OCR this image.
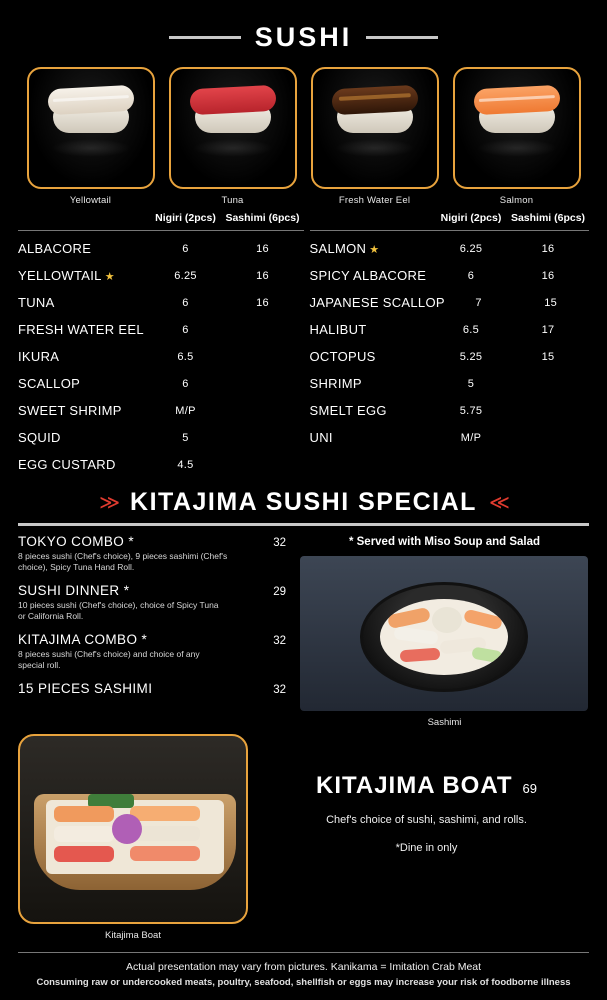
SUSHI
Yellowtail	Tuna	Fresh Water Eel	Salmon
Nigiri (2pcs) Sashimi (6pcs)
ALBACORE	6	16
YELLOWTAIL ★	6.25	16
TUNA	6	16
FRESH WATER EEL	6
IKURA	6.5
SCALLOP	6
SWEET SHRIMP	M/P
SQUID	5
EGG CUSTARD	4.5
Nigiri (2pcs) Sashimi (6pcs)
SALMON ★	6.25	16
SPICY ALBACORE	6	16
JAPANESE SCALLOP	7	15
HALIBUT	6.5	17
OCTOPUS	5.25	15
SHRIMP	5
SMELT EGG	5.75
UNI	M/P
≫ KITAJIMA SUSHI SPECIAL ≪
TOKYO COMBO *	32
8 pieces sushi (Chef's choice), 9 pieces sashimi (Chef's choice), Spicy Tuna Hand Roll.
SUSHI DINNER *	29
10 pieces sushi (Chef's choice), choice of Spicy Tuna or California Roll.
KITAJIMA COMBO *	32
8 pieces sushi (Chef's choice) and choice of any special roll.
15 PIECES SASHIMI	32
* Served with Miso Soup and Salad
Sashimi
Kitajima Boat
KITAJIMA BOAT 69
Chef's choice of sushi, sashimi, and rolls.
*Dine in only
Actual presentation may vary from pictures. Kanikama = Imitation Crab Meat
Consuming raw or undercooked meats, poultry, seafood, shellfish or eggs may increase your risk of foodborne illness
